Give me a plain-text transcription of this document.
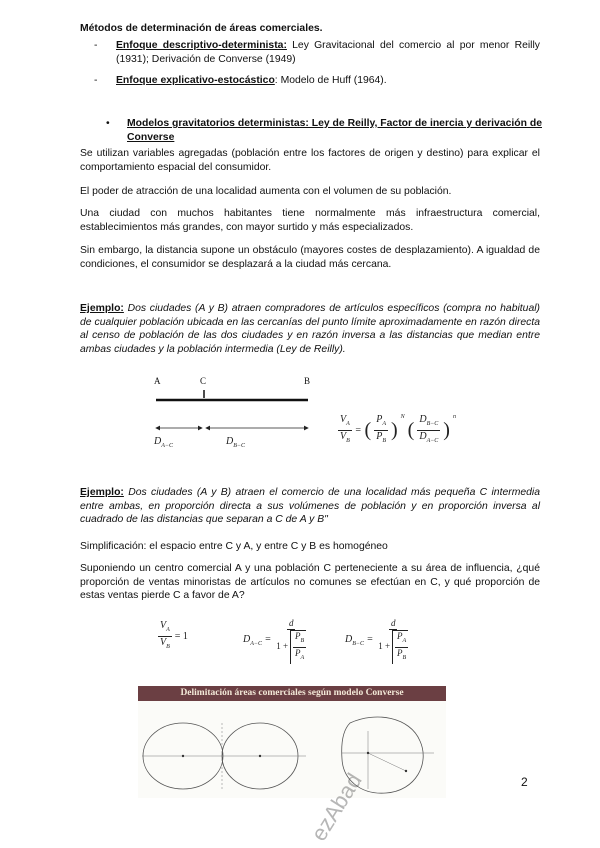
Métodos de determinación de áreas comerciales.
-	Enfoque descriptivo-determinista: Ley Gravitacional del comercio al por menor Reilly (1931); Derivación de Converse (1949)
-	Enfoque explicativo-estocástico: Modelo de Huff (1964).
•	Modelos gravitatorios deterministas: Ley de Reilly, Factor de inercia y derivación de Converse
Se utilizan variables agregadas (población entre los factores de origen y destino) para explicar el comportamiento espacial del consumidor.
El poder de atracción de una localidad aumenta con el volumen de su población.
Una ciudad con muchos habitantes tiene normalmente más infraestructura comercial, establecimientos más grandes, con mayor surtido y más especializados.
Sin embargo, la distancia supone un obstáculo (mayores costes de desplazamiento). A igualdad de condiciones, el consumidor se desplazará a la ciudad más cercana.
Ejemplo: Dos ciudades (A y B) atraen compradores de artículos específicos (compra no habitual) de cualquier población ubicada en las cercanías del punto límite aproximadamente en razón directa al censo de población de las dos ciudades y en razón inversa a las distancias que median entre ambas ciudades y la población intermedia (Ley de Reilly).
A	C	B
$D_{A-C}$	$D_{B-C}$	$\frac{V_A}{V_B}$ = ( $\frac{P_A}{P_B}$ )
$^N$
( $\frac{D_{B-C}}{D_{A-C}}$ )
$^n$
Ejemplo: Dos ciudades (A y B) atraen el comercio de una localidad más pequeña C intermedia entre ambas, en proporción directa a sus volúmenes de población y en proporción inversa al cuadrado de las distancias que separan a C de A y B"
Simplificación: el espacio entre C y A, y entre C y B es homogéneo
Suponiendo un centro comercial A y una población C perteneciente a su área de influencia, ¿qué proporción de ventas minoristas de artículos no comunes se efectúan en C, y qué proporción de estas ventas pierde C a favor de A?
$\frac{V_A}{V_B} = 1$	$D_{A-C} = \frac{d}{1 + \frac{P_B}{P_A}}$	$D_{B-C} = \frac{d}{1 + \frac{P_A}{P_B}}$
Delimitación áreas comerciales según modelo Converse
ezAbad	2
